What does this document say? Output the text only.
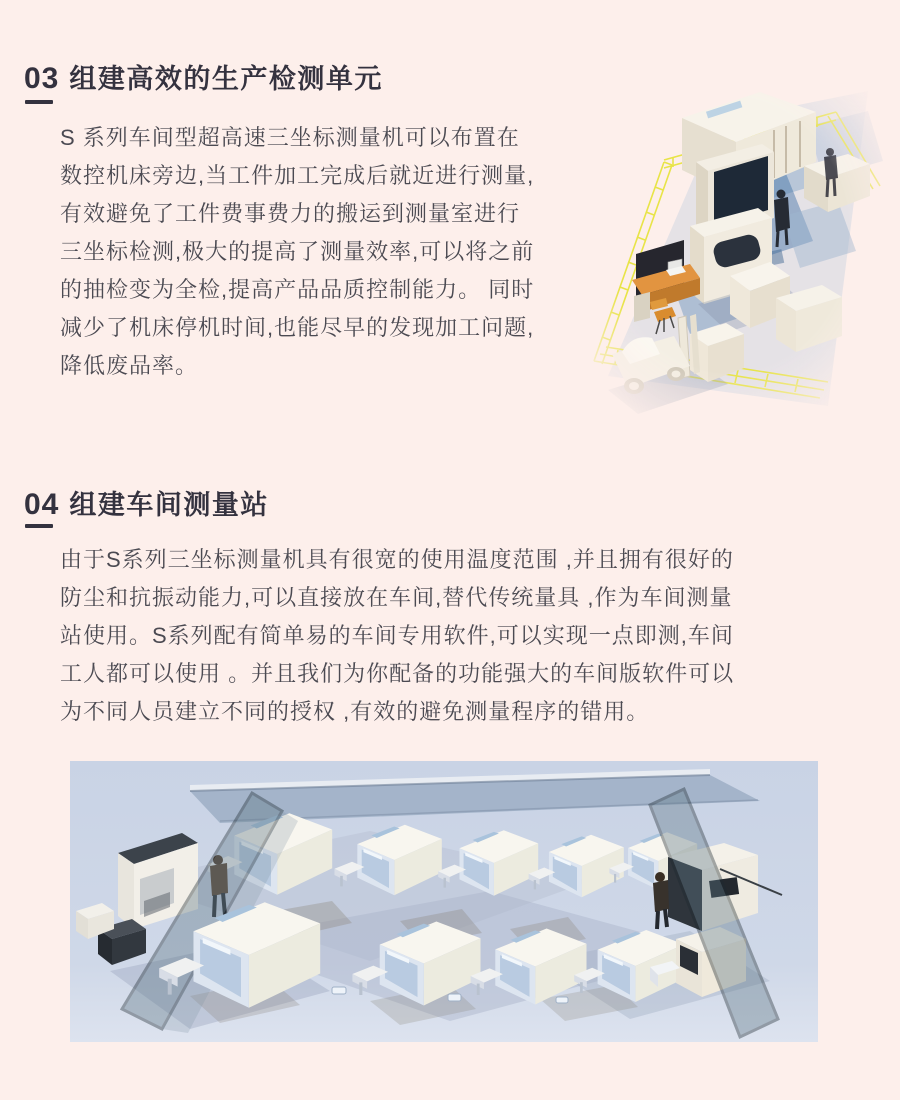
03 组建高效的生产检测单元
S 系列车间型超高速三坐标测量机可以布置在
数控机床旁边,当工件加工完成后就近进行测量,
有效避免了工件费事费力的搬运到测量室进行
三坐标检测,极大的提高了测量效率,可以将之前
的抽检变为全检,提高产品品质控制能力。 同时
减少了机床停机时间,也能尽早的发现加工问题,
降低废品率。
04 组建车间测量站
由于S系列三坐标测量机具有很宽的使用温度范围 ,并且拥有很好的
防尘和抗振动能力,可以直接放在车间,替代传统量具 ,作为车间测量
站使用。S系列配有简单易的车间专用软件,可以实现一点即测,车间
工人都可以使用 。并且我们为你配备的功能强大的车间版软件可以
为不同人员建立不同的授权 ,有效的避免测量程序的错用。
